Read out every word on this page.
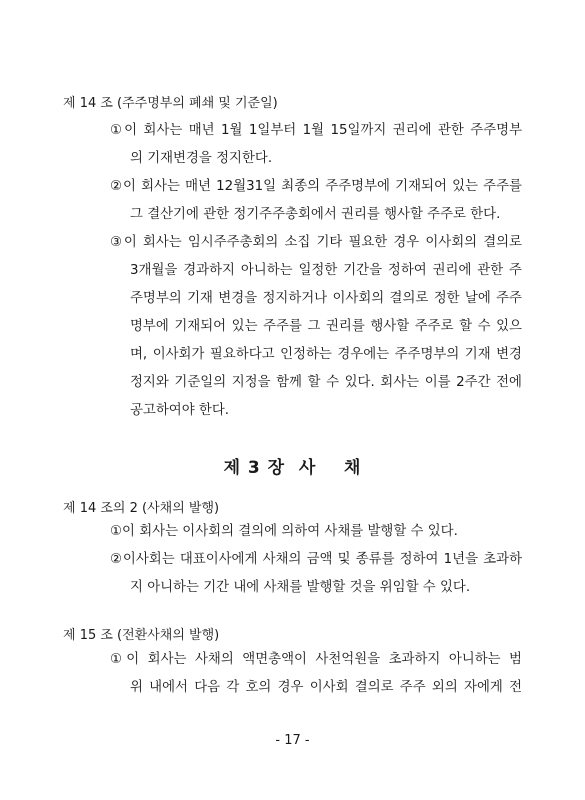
제 14 조 (주주명부의 폐쇄 및 기준일)
①이 회사는 매년 1월 1일부터 1월 15일까지 권리에 관한 주주명부
의 기재변경을 정지한다.
②이 회사는 매년 12월31일 최종의 주주명부에 기재되어 있는 주주를
그 결산기에 관한 정기주주총회에서 권리를 행사할 주주로 한다.
③이 회사는 임시주주총회의 소집 기타 필요한 경우 이사회의 결의로
3개월을 경과하지 아니하는 일정한 기간을 정하여 권리에 관한 주
주명부의 기재 변경을 정지하거나 이사회의 결의로 정한 날에 주주
명부에 기재되어 있는 주주를 그 권리를 행사할 주주로 할 수 있으
며, 이사회가 필요하다고 인정하는 경우에는 주주명부의 기재 변경
정지와 기준일의 지정을 함께 할 수 있다. 회사는 이를 2주간 전에
공고하여야 한다.
제 3 장  사    채
제 14 조의 2 (사채의 발행)
①이 회사는 이사회의 결의에 의하여 사채를 발행할 수 있다.
②이사회는 대표이사에게 사채의 금액 및 종류를 정하여 1년을 초과하
지 아니하는 기간 내에 사채를 발행할 것을 위임할 수 있다.
제 15 조 (전환사채의 발행)
①이 회사는 사채의 액면총액이 사천억원을 초과하지 아니하는 범
위 내에서 다음 각 호의 경우 이사회 결의로 주주 외의 자에게 전
- 17 -
